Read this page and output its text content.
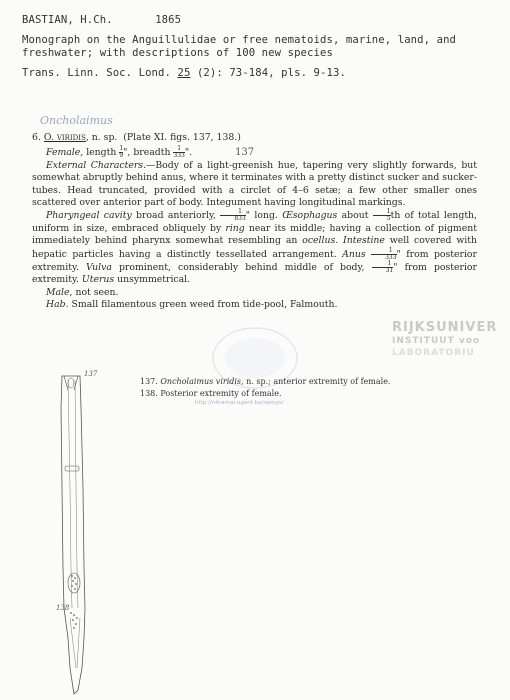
BASTIAN, H.Ch.	1865
Monograph on the Anguillulidae or free nematoids, marine, land, and
freshwater; with descriptions of 100 new species
Trans. Linn. Soc. Lond. 25 (2): 73-184, pls. 9-13.
Oncholaimus

6. O. viridis, n. sp. (Plate XI. figs. 137, 138.)

Female, length $\frac{1}{9}$ ", breadth $\frac{1}{333}$ ".	137

External Characters.—Body of a light-greenish hue, tapering very slightly forwards, but somewhat abruptly behind anus, where it terminates with a pretty distinct sucker and sucker-tubes. Head truncated, provided with a circlet of 4–6 setæ; a few other smaller ones scattered over anterior part of body. Integument having longitudinal markings.

Pharyngeal cavity broad anteriorly, $\frac{1}{833}$ " long. Œsophagus about $\frac{1}{5}$ th of total length, uniform in size, embraced obliquely by ring near its middle; having a collection of pigment immediately behind pharynx somewhat resembling an ocellus. Intestine well covered with hepatic particles having a distinctly tessellated arrangement. Anus $\frac{1}{333}$ " from posterior extremity. Vulva prominent, considerably behind middle of body, $\frac{1}{31}$ " from posterior extremity. Uterus unsymmetrical.

Male, not seen.

Hab. Small filamentous green weed from tide-pool, Falmouth.

RIJKSUNIVER
INSTITUUT voo
LABORATORIU
http://nitramar.ugent.be/nemys/
137. Oncholaimus viridis, n. sp.; anterior extremity of female.
138. Posterior extremity of female.
137
138
